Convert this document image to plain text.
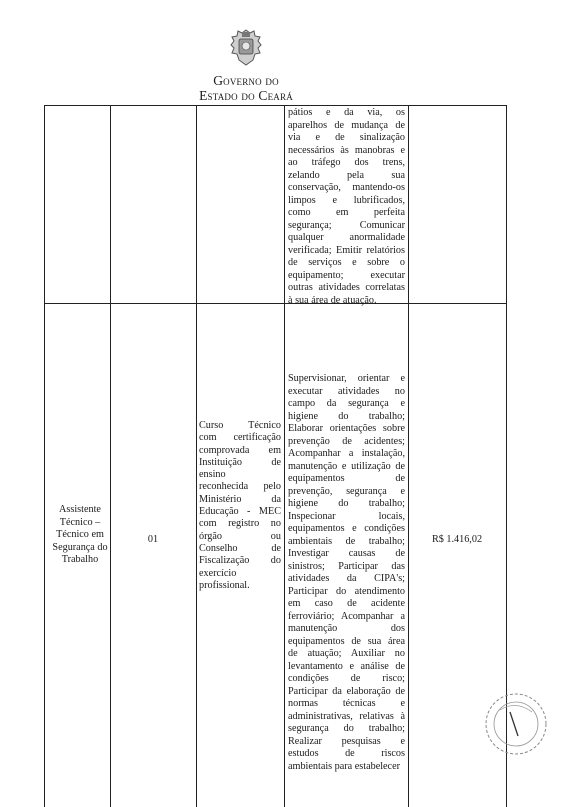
Governo do
Estado do Ceará
pátios e da via, os
aparelhos de mudança de
via e de sinalização
necessários às manobras e
ao tráfego dos trens,
zelando pela sua
conservação, mantendo-os
limpos e lubrificados,
como em perfeita
segurança; Comunicar
qualquer anormalidade
verificada; Emitir relatórios
de serviços e sobre o
equipamento; executar
outras atividades correlatas
à sua área de atuação.
Assistente
Técnico –
Técnico em
Segurança do
Trabalho
01
Curso Técnico
com certificação
comprovada em
Instituição de
ensino
reconhecida pelo
Ministério da
Educação - MEC
com registro no
órgão ou
Conselho de
Fiscalização do
exercício
profissional.
Supervisionar, orientar e
executar atividades no
campo da segurança e
higiene do trabalho;
Elaborar orientações sobre
prevenção de acidentes;
Acompanhar a instalação,
manutenção e utilização de
equipamentos de
prevenção, segurança e
higiene do trabalho;
Inspecionar locais,
equipamentos e condições
ambientais de trabalho;
Investigar causas de
sinistros; Participar das
atividades da CIPA's;
Participar do atendimento
em caso de acidente
ferroviário; Acompanhar a
manutenção dos
equipamentos de sua área
de atuação; Auxiliar no
levantamento e análise de
condições de risco;
Participar da elaboração de
normas técnicas e
administrativas, relativas à
segurança do trabalho;
Realizar pesquisas e
estudos de riscos
ambientais para estabelecer
R$ 1.416,02
